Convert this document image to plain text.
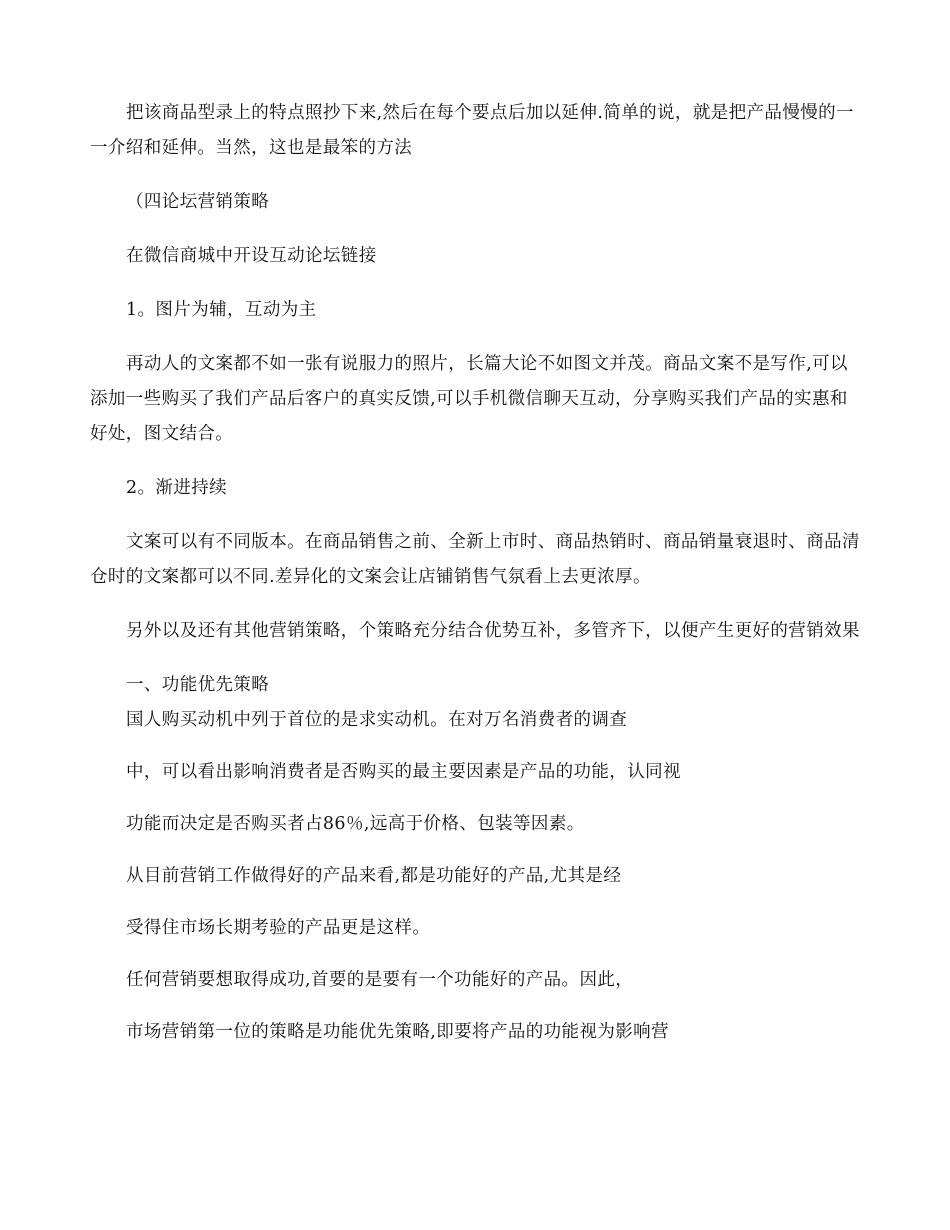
把该商品型录上的特点照抄下来,然后在每个要点后加以延伸.简单的说，就是把产品慢慢的一一介绍和延伸。当然，这也是最笨的方法

（四论坛营销策略

在微信商城中开设互动论坛链接

1。图片为辅，互动为主

再动人的文案都不如一张有说服力的照片，长篇大论不如图文并茂。商品文案不是写作,可以添加一些购买了我们产品后客户的真实反馈,可以手机微信聊天互动，分享购买我们产品的实惠和好处，图文结合。

2。渐进持续

文案可以有不同版本。在商品销售之前、全新上市时、商品热销时、商品销量衰退时、商品清仓时的文案都可以不同.差异化的文案会让店铺销售气氛看上去更浓厚。

另外以及还有其他营销策略，个策略充分结合优势互补，多管齐下，以便产生更好的营销效果

一、功能优先策略

国人购买动机中列于首位的是求实动机。在对万名消费者的调查

中，可以看出影响消费者是否购买的最主要因素是产品的功能，认同视

功能而决定是否购买者占86％,远高于价格、包装等因素。

从目前营销工作做得好的产品来看,都是功能好的产品,尤其是经

受得住市场长期考验的产品更是这样。

任何营销要想取得成功,首要的是要有一个功能好的产品。因此，

市场营销第一位的策略是功能优先策略,即要将产品的功能视为影响营
